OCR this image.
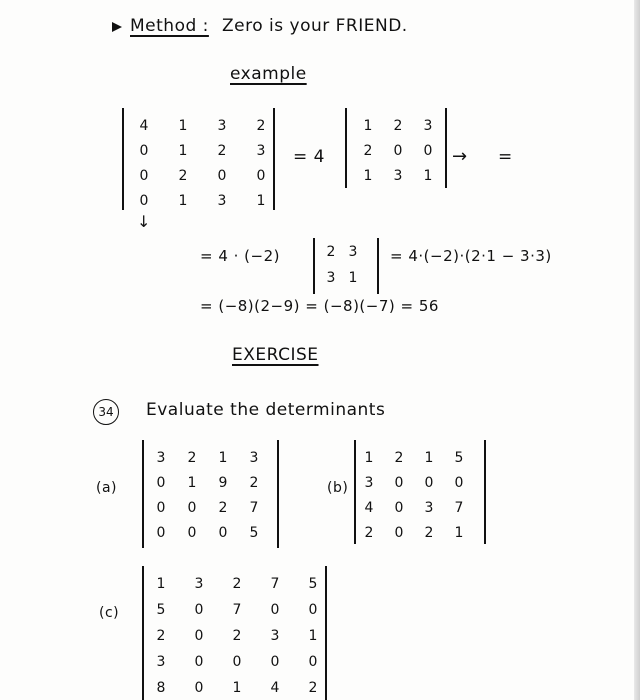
Method : Zero is your FRIEND.
example
4	1	3	2
0	1	2	3
0	2	0	0
0	1	3	1
= 4
1	2	3
2	0	0
1	3	1
→ =
↓
= 4 · (−2)	2 3
3 1
= 4·(−2)·(2·1 − 3·3)
= (−8)(2−9) = (−8)(−7) = 56
EXERCISE
34	Evaluate the determinants
(a)
3	2	1	3
0	1	9	2
0	0	2	7
0	0	0	5
(b)
1	2	1	5
3	0	0	0
4	0	3	7
2	0	2	1
(c)
1	3	2	7	5
5	0	7	0	0
2	0	2	3	1
3	0	0	0	0
8	0	1	4	2
